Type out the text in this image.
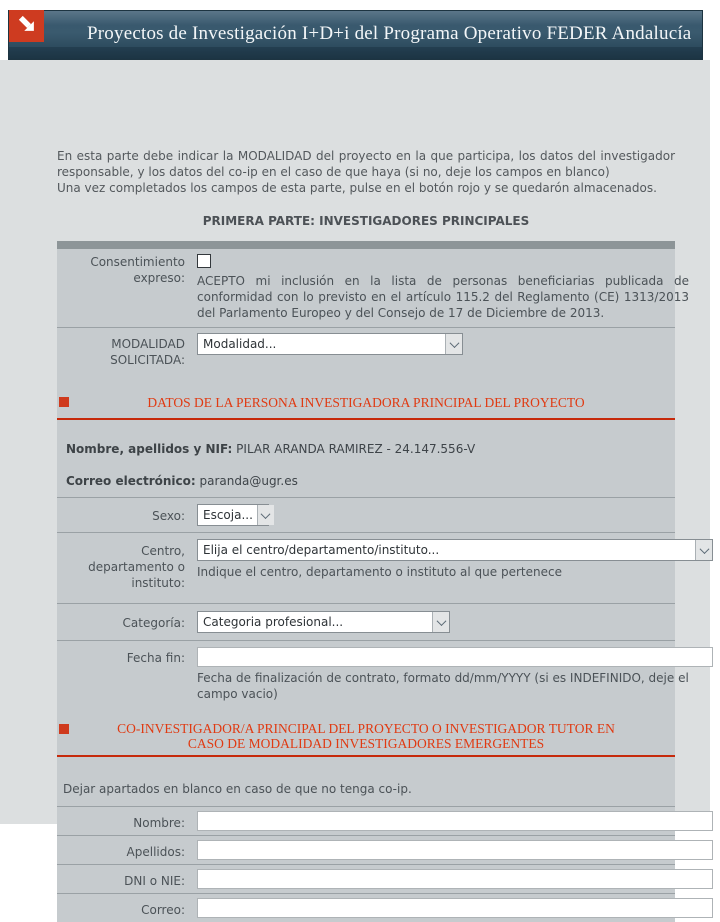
Proyectos de Investigación I+D+i del Programa Operativo FEDER Andalucía

En esta parte debe indicar la MODALIDAD del proyecto en la que participa, los datos del investigador responsable, y los datos del co-ip en el caso de que haya (si no, deje los campos en blanco)

Una vez completados los campos de esta parte, pulse en el botón rojo y se quedarón almacenados.

PRIMERA PARTE: INVESTIGADORES PRINCIPALES
Consentimiento expreso:	ACEPTO mi inclusión en la lista de personas beneficiarias publicada de conformidad con lo previsto en el artículo 115.2 del Reglamento (CE) 1313/2013 del Parlamento Europeo y del Consejo de 17 de Diciembre de 2013.
MODALIDAD SOLICITADA:
Modalidad...
DATOS DE LA PERSONA INVESTIGADORA PRINCIPAL DEL PROYECTO
Nombre, apellidos y NIF: PILAR ARANDA RAMIREZ - 24.147.556-V
Correo electrónico: paranda@ugr.es
Sexo:	Escoja...
Centro, departamento o instituto:
Elija el centro/departamento/instituto...
Indique el centro, departamento o instituto al que pertenece
Categoría:	Categoria profesional...
Fecha fin:
Fecha de finalización de contrato, formato dd/mm/YYYY (si es INDEFINIDO, deje el campo vacio)
CO-INVESTIGADOR/A PRINCIPAL DEL PROYECTO O INVESTIGADOR TUTOR EN CASO DE MODALIDAD INVESTIGADORES EMERGENTES
Dejar apartados en blanco en caso de que no tenga co-ip.
Nombre:
Apellidos:
DNI o NIE:
Correo:
